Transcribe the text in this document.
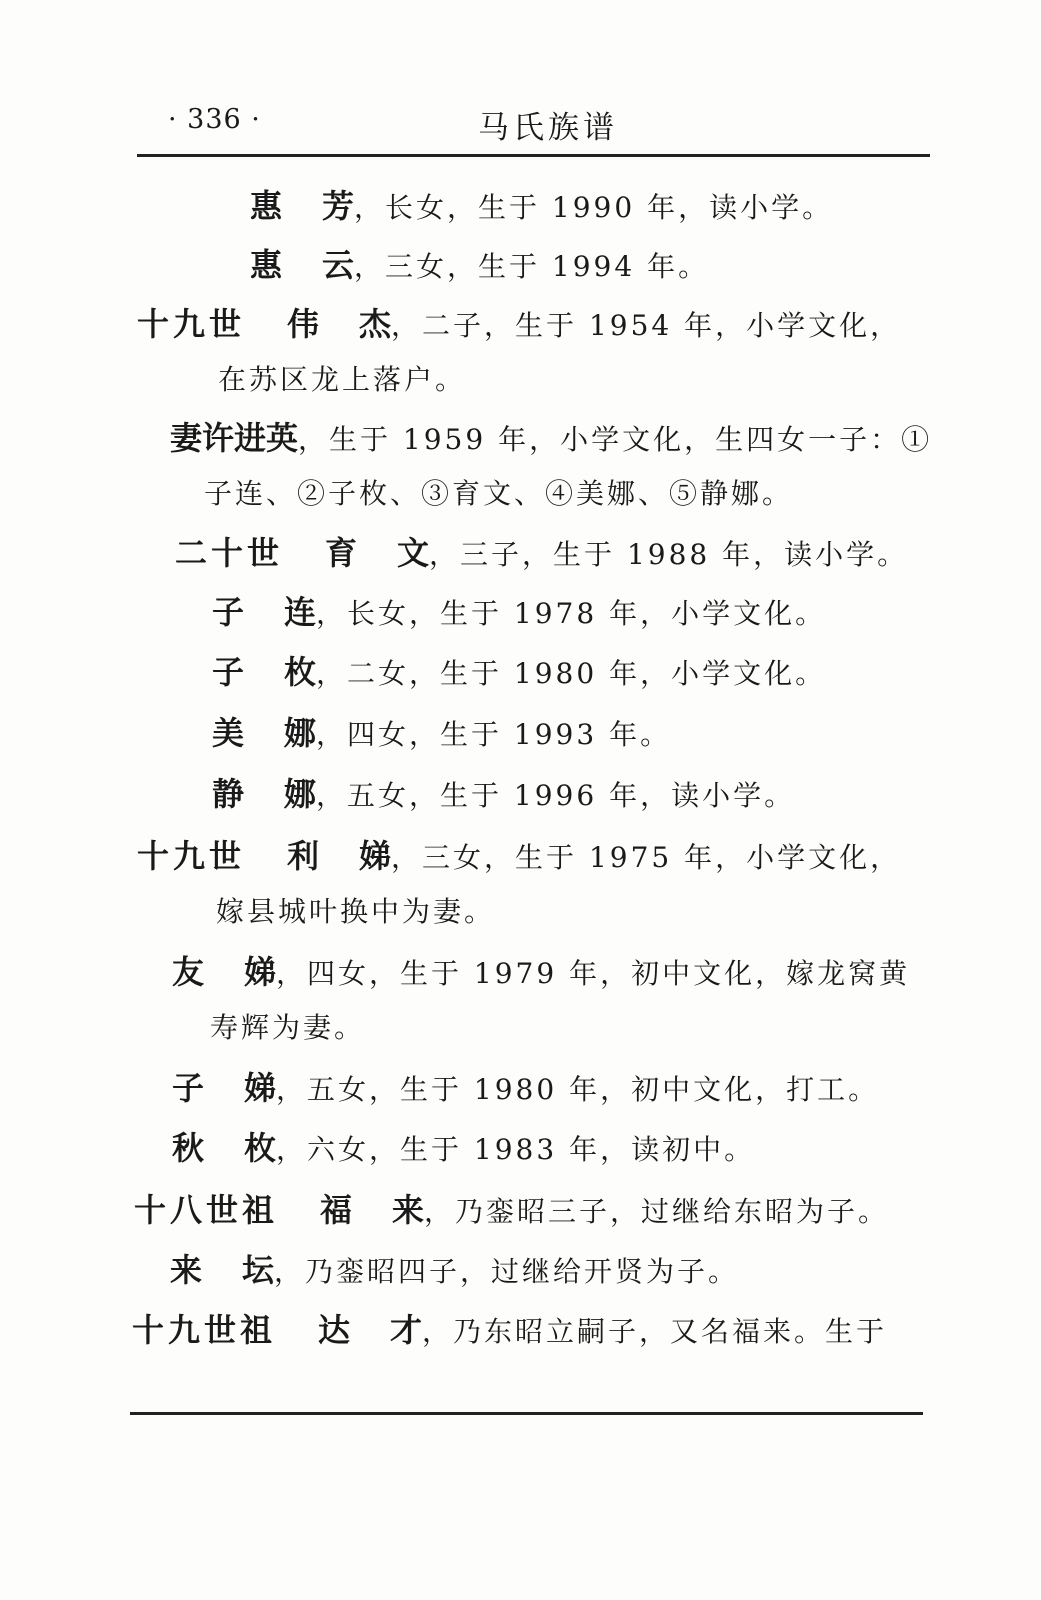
· 336 ·	马氏族谱
惠 芳，长女，生于 1990 年，读小学。
惠 云，三女，生于 1994 年。
十九世 伟 杰，二子，生于 1954 年，小学文化，
在苏区龙上落户。
妻许进英，生于 1959 年，小学文化，生四女一子：①
子连、②子枚、③育文、④美娜、⑤静娜。
二十世 育 文，三子，生于 1988 年，读小学。
子 连，长女，生于 1978 年，小学文化。
子 枚，二女，生于 1980 年，小学文化。
美 娜，四女，生于 1993 年。
静 娜，五女，生于 1996 年，读小学。
十九世 利 娣，三女，生于 1975 年，小学文化，
嫁县城叶换中为妻。
友 娣，四女，生于 1979 年，初中文化，嫁龙窝黄
寿辉为妻。
子 娣，五女，生于 1980 年，初中文化，打工。
秋 枚，六女，生于 1983 年，读初中。
十八世祖 福 来，乃銮昭三子，过继给东昭为子。
来 坛，乃銮昭四子，过继给开贤为子。
十九世祖 达 才，乃东昭立嗣子，又名福来。生于
